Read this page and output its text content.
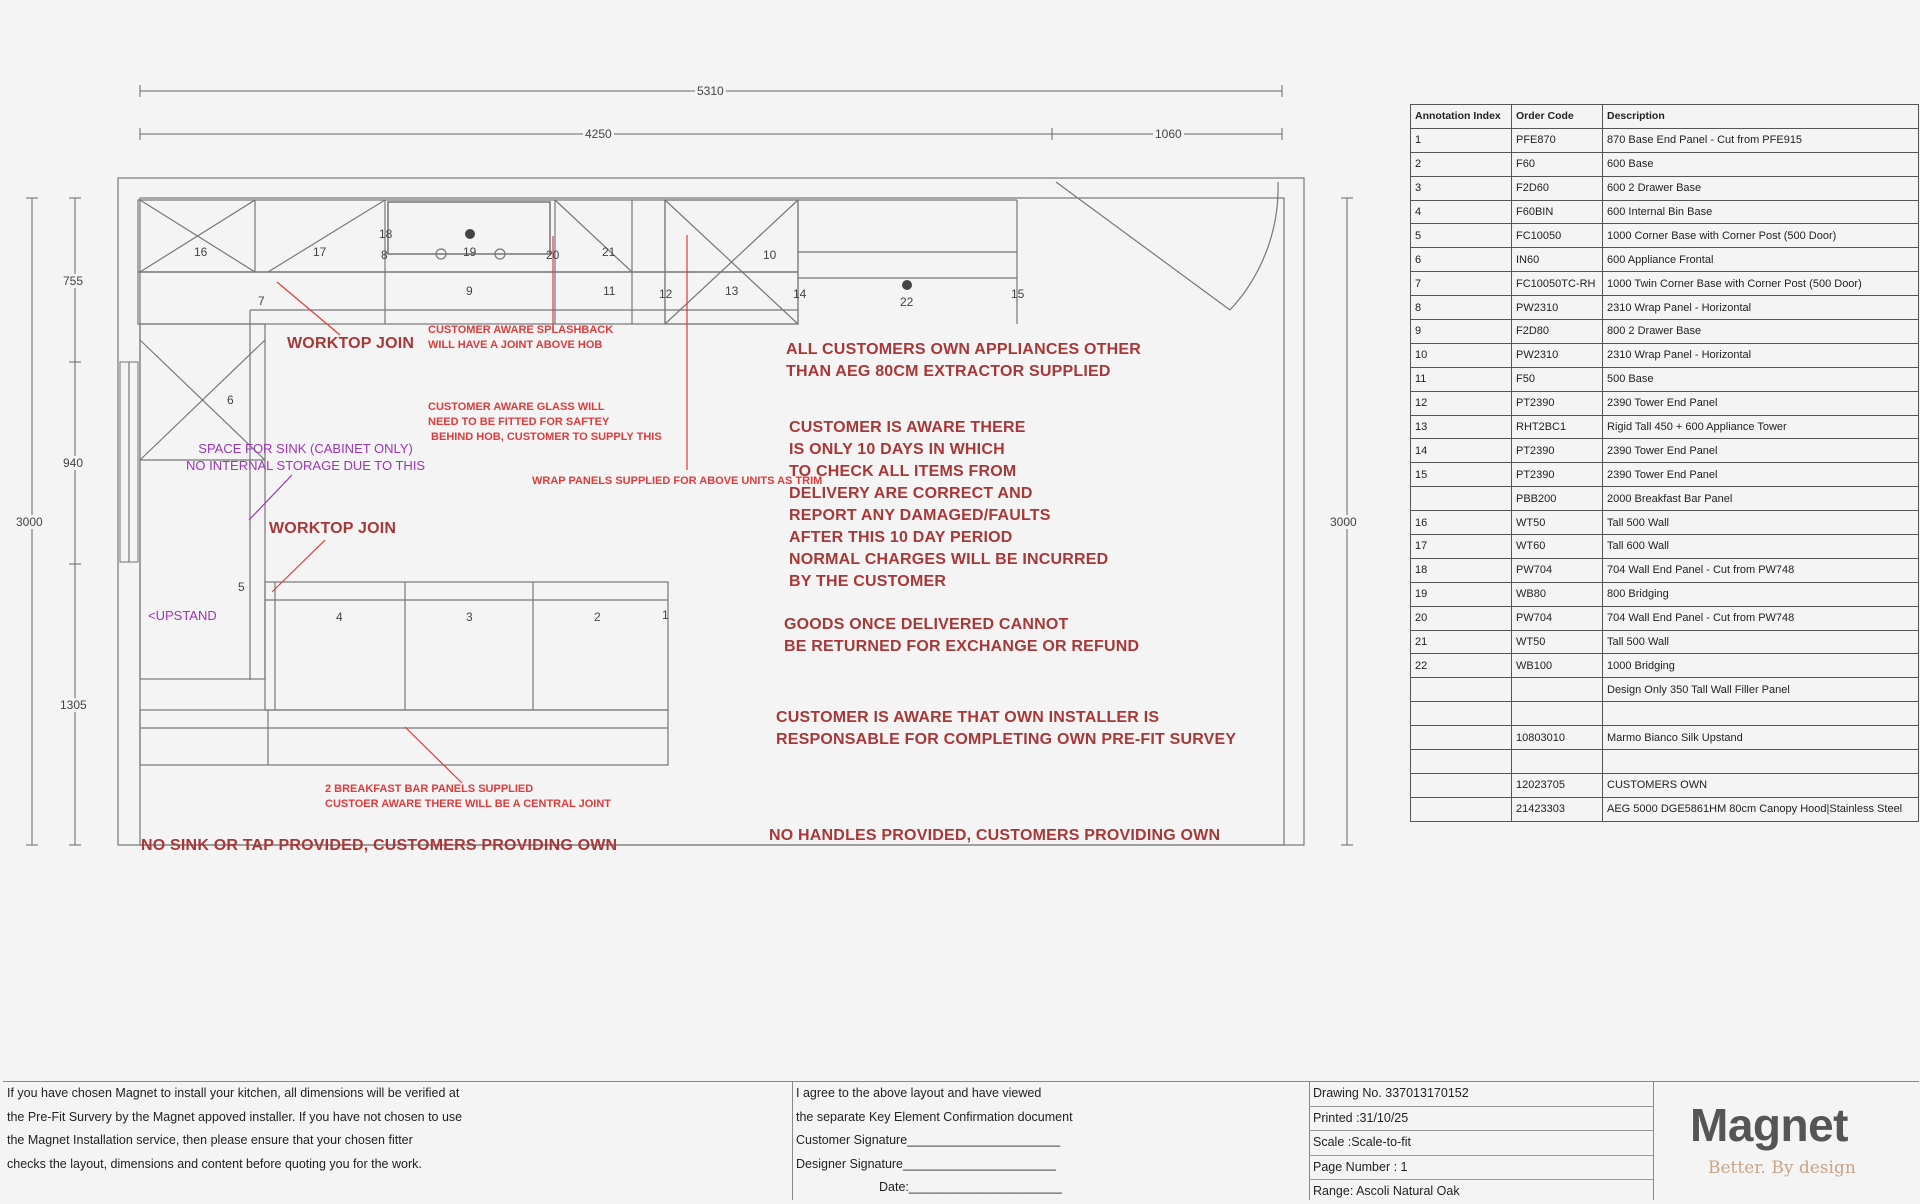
5310
4250	1060
3000
755
940
1305
3000
16	17
18
8	19	20	21	10
7
9	11	12	13	14
22
15
6
5
4	3	2	1
WORKTOP JOIN
WORKTOP JOIN
CUSTOMER AWARE SPLASHBACK
WILL HAVE A JOINT ABOVE HOB

CUSTOMER AWARE GLASS WILL
NEED TO BE FITTED FOR SAFTEY
BEHIND HOB, CUSTOMER TO SUPPLY THIS

WRAP PANELS SUPPLIED FOR ABOVE UNITS AS TRIM
SPACE FOR SINK (CABINET ONLY)
NO INTERNAL STORAGE DUE TO THIS
<UPSTAND
2 BREAKFAST BAR PANELS SUPPLIED
CUSTOER AWARE THERE WILL BE A CENTRAL JOINT
NO SINK OR TAP PROVIDED, CUSTOMERS PROVIDING OWN
ALL CUSTOMERS OWN APPLIANCES OTHER
THAN AEG 80CM EXTRACTOR SUPPLIED
CUSTOMER IS AWARE THERE
IS ONLY 10 DAYS IN WHICH
TO CHECK ALL ITEMS FROM
DELIVERY ARE CORRECT AND
REPORT ANY DAMAGED/FAULTS
AFTER THIS 10 DAY PERIOD
NORMAL CHARGES WILL BE INCURRED
BY THE CUSTOMER
GOODS ONCE DELIVERED CANNOT
BE RETURNED FOR EXCHANGE OR REFUND
CUSTOMER IS AWARE THAT OWN INSTALLER IS
RESPONSABLE FOR COMPLETING OWN PRE-FIT SURVEY
NO HANDLES PROVIDED, CUSTOMERS PROVIDING OWN
Annotation Index	Order Code	Description
1	PFE870	870 Base End Panel - Cut from PFE915
2	F60	600 Base
3	F2D60	600 2 Drawer Base
4	F60BIN	600 Internal Bin Base
5	FC10050	1000 Corner Base with Corner Post (500 Door)
6	IN60	600 Appliance Frontal
7	FC10050TC-RH	1000 Twin Corner Base with Corner Post (500 Door)
8	PW2310	2310 Wrap Panel - Horizontal
9	F2D80	800 2 Drawer Base
10	PW2310	2310 Wrap Panel - Horizontal
11	F50	500 Base
12	PT2390	2390 Tower End Panel
13	RHT2BC1	Rigid Tall 450 + 600 Appliance Tower
14	PT2390	2390 Tower End Panel
15	PT2390	2390 Tower End Panel
	PBB200	2000 Breakfast Bar Panel
16	WT50	Tall 500 Wall
17	WT60	Tall 600 Wall
18	PW704	704 Wall End Panel - Cut from PW748
19	WB80	800 Bridging
20	PW704	704 Wall End Panel - Cut from PW748
21	WT50	Tall 500 Wall
22	WB100	1000 Bridging
		Design Only 350 Tall Wall Filler Panel

	10803010	Marmo Bianco Silk Upstand

	12023705	CUSTOMERS OWN
	21423303	AEG 5000 DGE5861HM 80cm Canopy Hood|Stainless Steel
If you have chosen Magnet to install your kitchen, all dimensions will be verified at
the Pre-Fit Survery by the Magnet appoved installer. If you have not chosen to use
the Magnet Installation service, then please ensure that your chosen fitter
checks the layout, dimensions and content before quoting you for the work.
I agree to the above layout and have viewed
the separate Key Element Confirmation document
Customer Signature______________________
Designer Signature______________________
Date:______________________
Drawing No. 337013170152
Printed :31/10/25
Scale :Scale-to-fit
Page Number : 1
Range: Ascoli Natural Oak
Magnet
Better. By design
